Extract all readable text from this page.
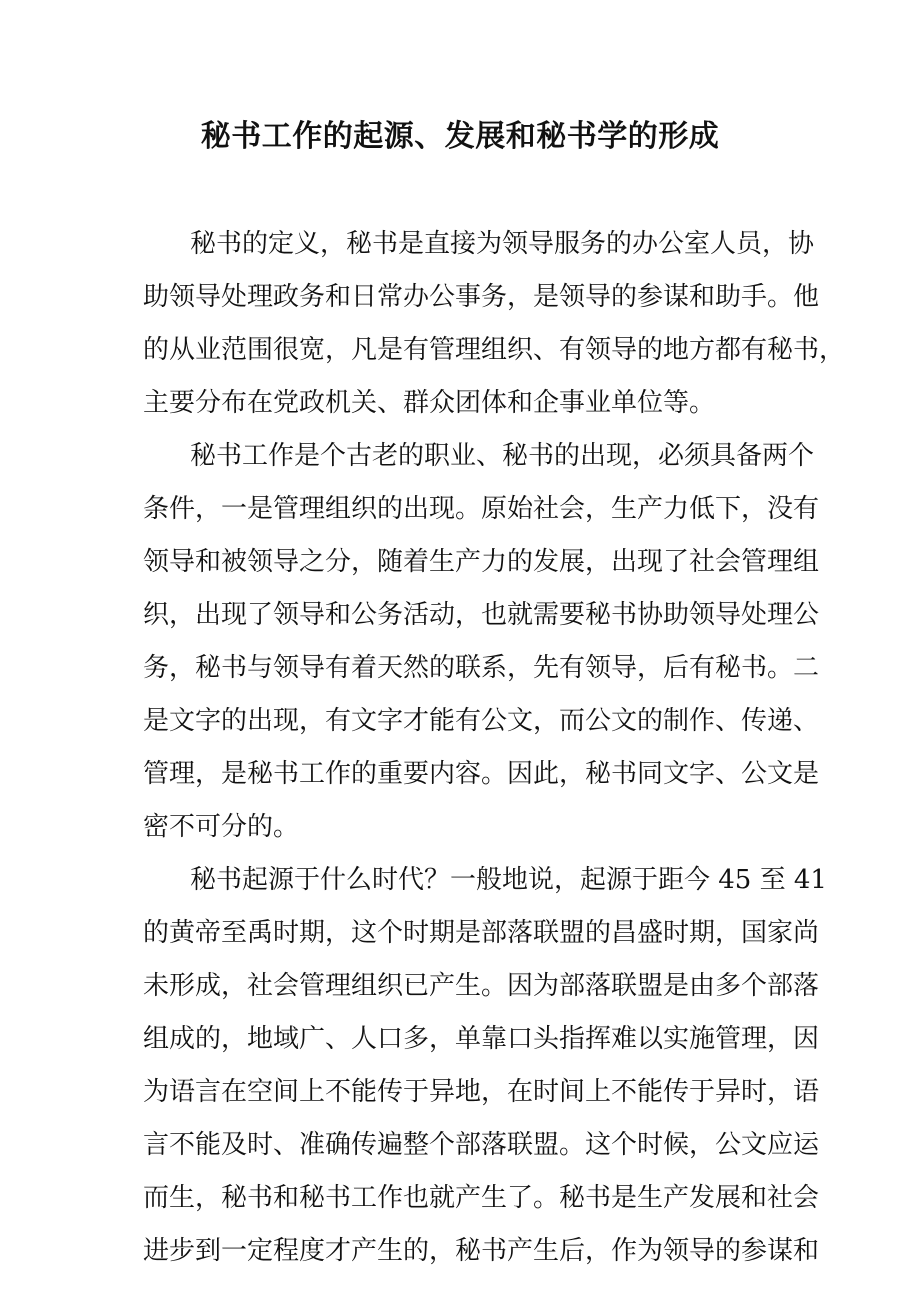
秘书工作的起源、发展和秘书学的形成
秘书的定义，秘书是直接为领导服务的办公室人员，协
助领导处理政务和日常办公事务，是领导的参谋和助手。他
的从业范围很宽，凡是有管理组织、有领导的地方都有秘书，
主要分布在党政机关、群众团体和企事业单位等。
秘书工作是个古老的职业、秘书的出现，必须具备两个
条件，一是管理组织的出现。原始社会，生产力低下，没有
领导和被领导之分，随着生产力的发展，出现了社会管理组
织，出现了领导和公务活动，也就需要秘书协助领导处理公
务，秘书与领导有着天然的联系，先有领导，后有秘书。二
是文字的出现，有文字才能有公文，而公文的制作、传递、
管理，是秘书工作的重要内容。因此，秘书同文字、公文是
密不可分的。
秘书起源于什么时代？一般地说，起源于距今 45 至 41
的黄帝至禹时期，这个时期是部落联盟的昌盛时期，国家尚
未形成，社会管理组织已产生。因为部落联盟是由多个部落
组成的，地域广、人口多，单靠口头指挥难以实施管理，因
为语言在空间上不能传于异地，在时间上不能传于异时，语
言不能及时、准确传遍整个部落联盟。这个时候，公文应运
而生，秘书和秘书工作也就产生了。秘书是生产发展和社会
进步到一定程度才产生的，秘书产生后，作为领导的参谋和
